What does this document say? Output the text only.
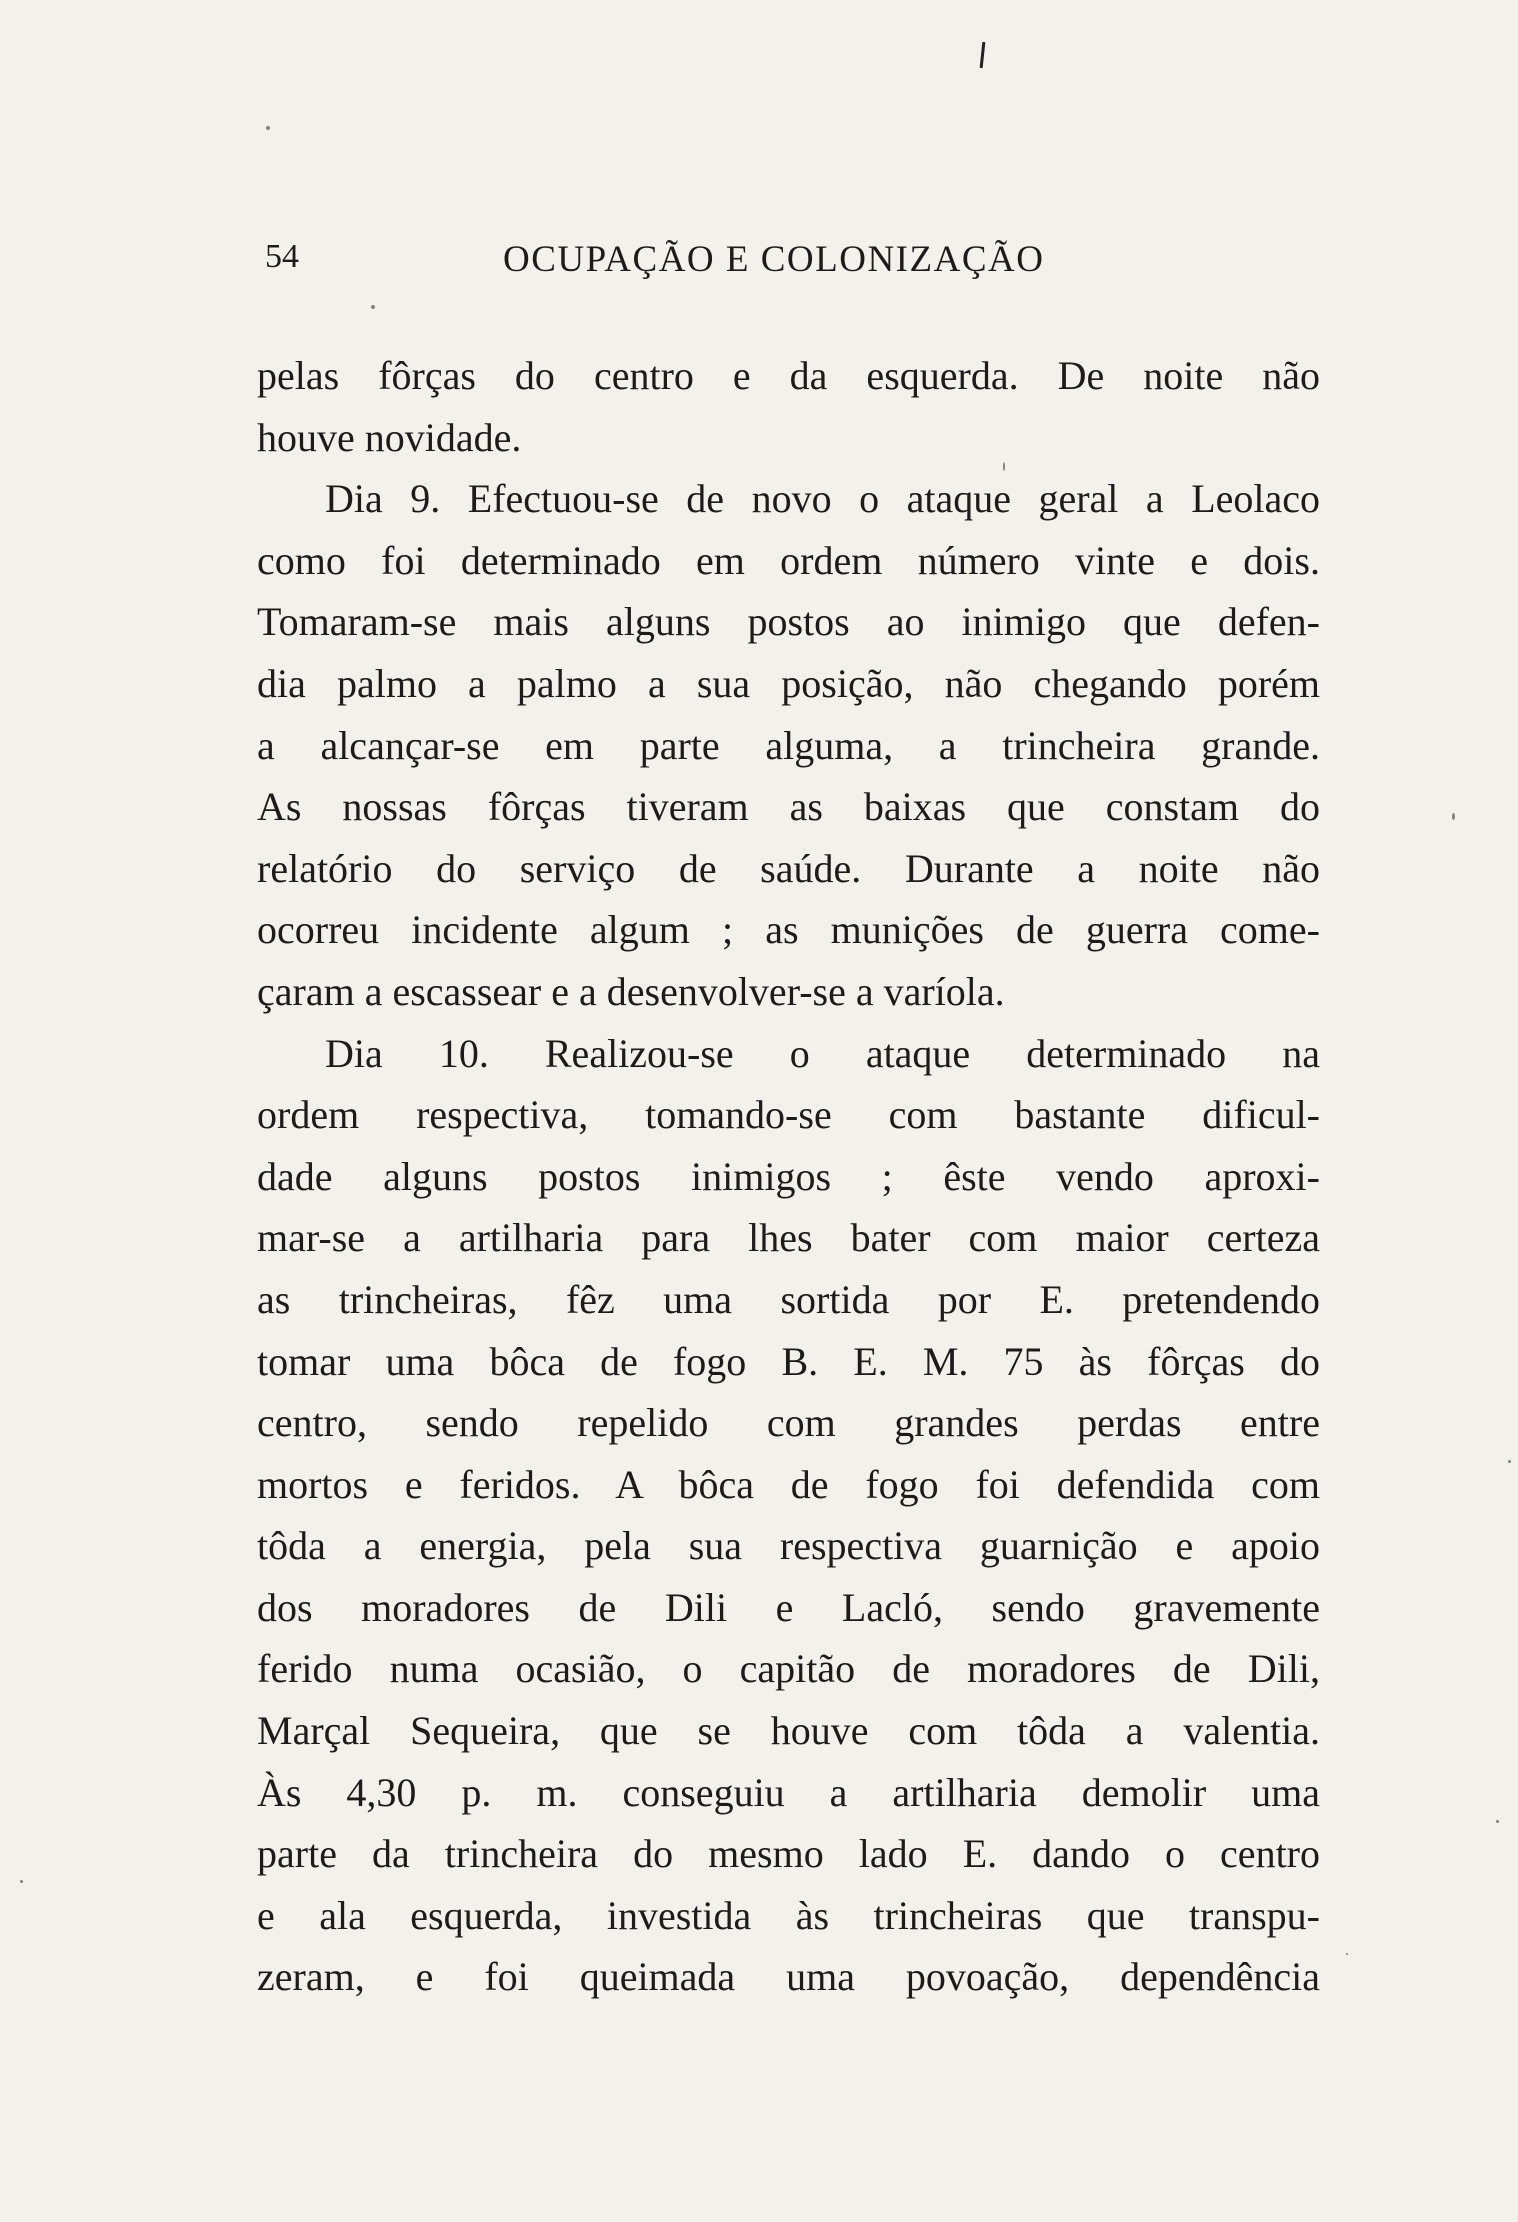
54	OCUPAÇÃO E COLONIZAÇÃO
pelas fôrças do centro e da esquerda. De noite não
houve novidade.
Dia 9. Efectuou-se de novo o ataque geral a Leolaco
como foi determinado em ordem número vinte e dois.
Tomaram-se mais alguns postos ao inimigo que defen-
dia palmo a palmo a sua posição, não chegando porém
a alcançar-se em parte alguma, a trincheira grande.
As nossas fôrças tiveram as baixas que constam do
relatório do serviço de saúde. Durante a noite não
ocorreu incidente algum ; as munições de guerra come-
çaram a escassear e a desenvolver-se a varíola.
Dia 10. Realizou-se o ataque determinado na
ordem respectiva, tomando-se com bastante dificul-
dade alguns postos inimigos ; êste vendo aproxi-
mar-se a artilharia para lhes bater com maior certeza
as trincheiras, fêz uma sortida por E. pretendendo
tomar uma bôca de fogo B. E. M. 75 às fôrças do
centro, sendo repelido com grandes perdas entre
mortos e feridos. A bôca de fogo foi defendida com
tôda a energia, pela sua respectiva guarnição e apoio
dos moradores de Dili e Lacló, sendo gravemente
ferido numa ocasião, o capitão de moradores de Dili,
Marçal Sequeira, que se houve com tôda a valentia.
Às 4,30 p. m. conseguiu a artilharia demolir uma
parte da trincheira do mesmo lado E. dando o centro
e ala esquerda, investida às trincheiras que transpu-
zeram, e foi queimada uma povoação, dependência
